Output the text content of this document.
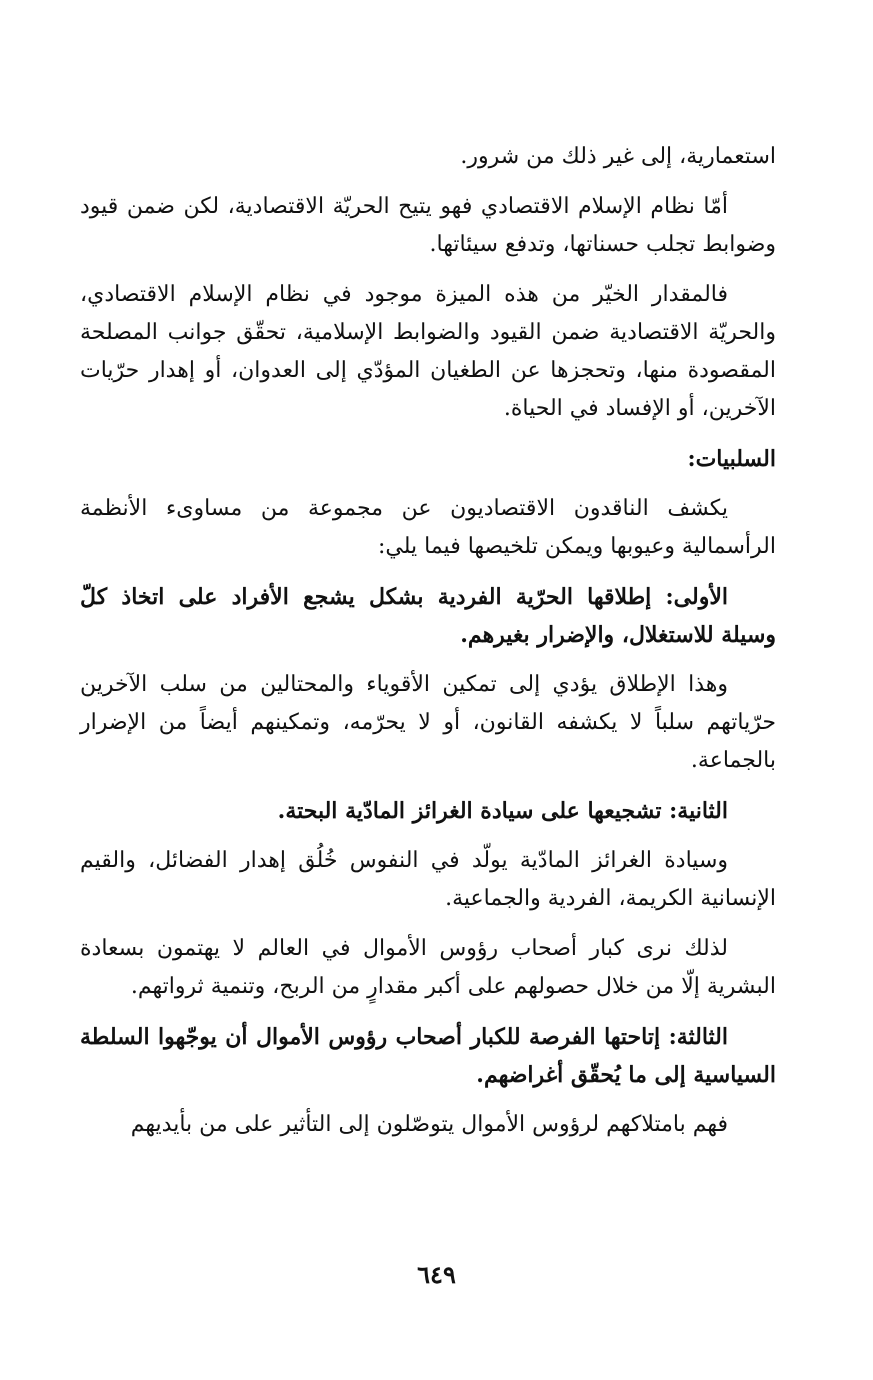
استعمارية، إلى غير ذلك من شرور.

أمّا نظام الإسلام الاقتصادي فهو يتيح الحريّة الاقتصادية، لكن ضمن قيود وضوابط تجلب حسناتها، وتدفع سيئاتها.

فالمقدار الخيّر من هذه الميزة موجود في نظام الإسلام الاقتصادي، والحريّة الاقتصادية ضمن القيود والضوابط الإسلامية، تحقّق جوانب المصلحة المقصودة منها، وتحجزها عن الطغيان المؤدّي إلى العدوان، أو إهدار حرّيات الآخرين، أو الإفساد في الحياة.

السلبيات:

يكشف الناقدون الاقتصاديون عن مجموعة من مساوىء الأنظمة الرأسمالية وعيوبها ويمكن تلخيصها فيما يلي:

الأولى: إطلاقها الحرّية الفردية بشكل يشجع الأفراد على اتخاذ كلّ وسيلة للاستغلال، والإضرار بغيرهم.

وهذا الإطلاق يؤدي إلى تمكين الأقوياء والمحتالين من سلب الآخرين حرّياتهم سلباً لا يكشفه القانون، أو لا يحرّمه، وتمكينهم أيضاً من الإضرار بالجماعة.

الثانية: تشجيعها على سيادة الغرائز المادّية البحتة.

وسيادة الغرائز المادّية يولّد في النفوس خُلُق إهدار الفضائل، والقيم الإنسانية الكريمة، الفردية والجماعية.

لذلك نرى كبار أصحاب رؤوس الأموال في العالم لا يهتمون بسعادة البشرية إلّا من خلال حصولهم على أكبر مقدارٍ من الربح، وتنمية ثرواتهم.

الثالثة: إتاحتها الفرصة للكبار أصحاب رؤوس الأموال أن يوجّهوا السلطة السياسية إلى ما يُحقّق أغراضهم.

فهم بامتلاكهم لرؤوس الأموال يتوصّلون إلى التأثير على من بأيديهم

٦٤٩
